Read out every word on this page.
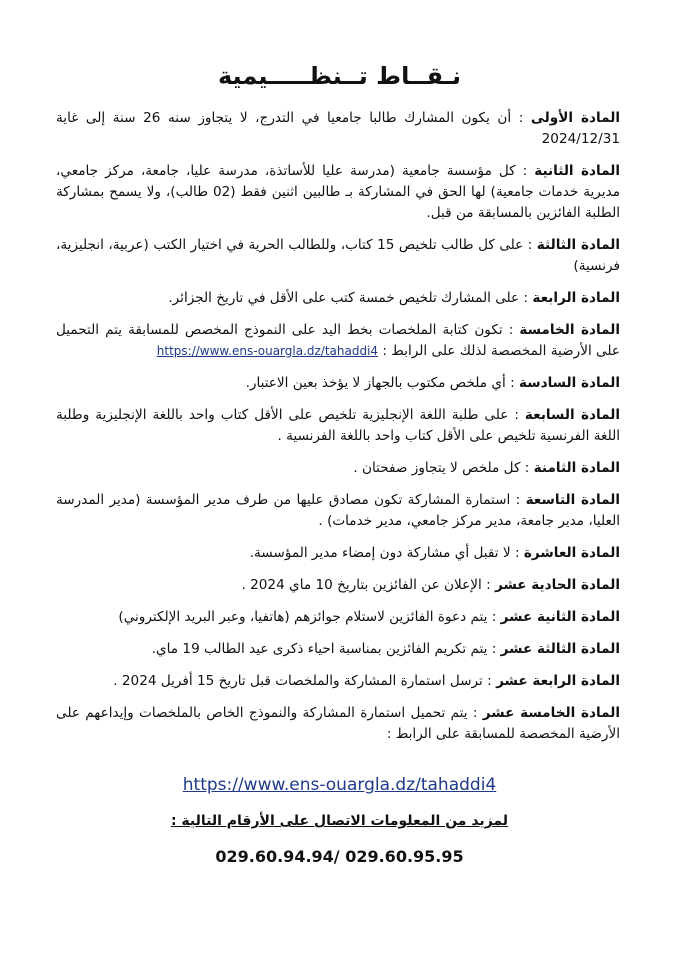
نـقــاط تــنظـــــيمية

المادة الأولى : أن يكون المشارك طالبا جامعيا في التدرج، لا يتجاوز سنه 26 سنة إلى غاية 2024/12/31

المادة الثانية : كل مؤسسة جامعية (مدرسة عليا للأساتذة، مدرسة عليا، جامعة، مركز جامعي، مديرية خدمات جامعية) لها الحق في المشاركة بـ طالبين اثنين فقط (02 طالب)، ولا يسمح بمشاركة الطلبة الفائزين بالمسابقة من قبل.

المادة الثالثة : على كل طالب تلخيص 15 كتاب، وللطالب الحرية في اختيار الكتب (عربية، انجليزية، فرنسية)

المادة الرابعة : على المشارك تلخيص خمسة كتب على الأقل في تاريخ الجزائر.

المادة الخامسة : تكون كتابة الملخصات بخط اليد على النموذج المخصص للمسابقة يتم التحميل على الأرضية المخصصة لذلك على الرابط : https://www.ens-ouargla.dz/tahaddi4

المادة السادسة : أي ملخص مكتوب بالجهاز لا يؤخذ بعين الاعتبار.

المادة السابعة : على طلبة اللغة الإنجليزية تلخيص على الأقل كتاب واحد باللغة الإنجليزية وطلبة اللغة الفرنسية تلخيص على الأقل كتاب واحد باللغة الفرنسية .

المادة الثامنة : كل ملخص لا يتجاوز صفحتان .

المادة التاسعة : استمارة المشاركة تكون مصادق عليها من طرف مدير المؤسسة (مدير المدرسة العليا، مدير جامعة، مدير مركز جامعي، مدير خدمات) .

المادة العاشرة : لا تقبل أي مشاركة دون إمضاء مدير المؤسسة.

المادة الحادية عشر : الإعلان عن الفائزين بتاريخ 10 ماي 2024 .

المادة الثانية عشر : يتم دعوة الفائزين لاستلام جوائزهم (هاتفيا، وعبر البريد الإلكتروني)

المادة الثالثة عشر : يتم تكريم الفائزين بمناسبة احياء ذكرى عيد الطالب 19 ماي.

المادة الرابعة عشر : ترسل استمارة المشاركة والملخصات قبل تاريخ 15 أفريل 2024 .

المادة الخامسة عشر : يتم تحميل استمارة المشاركة والنموذج الخاص بالملخصات وإيداعهم على الأرضية المخصصة للمسابقة على الرابط :

https://www.ens-ouargla.dz/tahaddi4
لمزيد من المعلومات الاتصال على الأرقام التالية :
029.60.94.94/ 029.60.95.95
